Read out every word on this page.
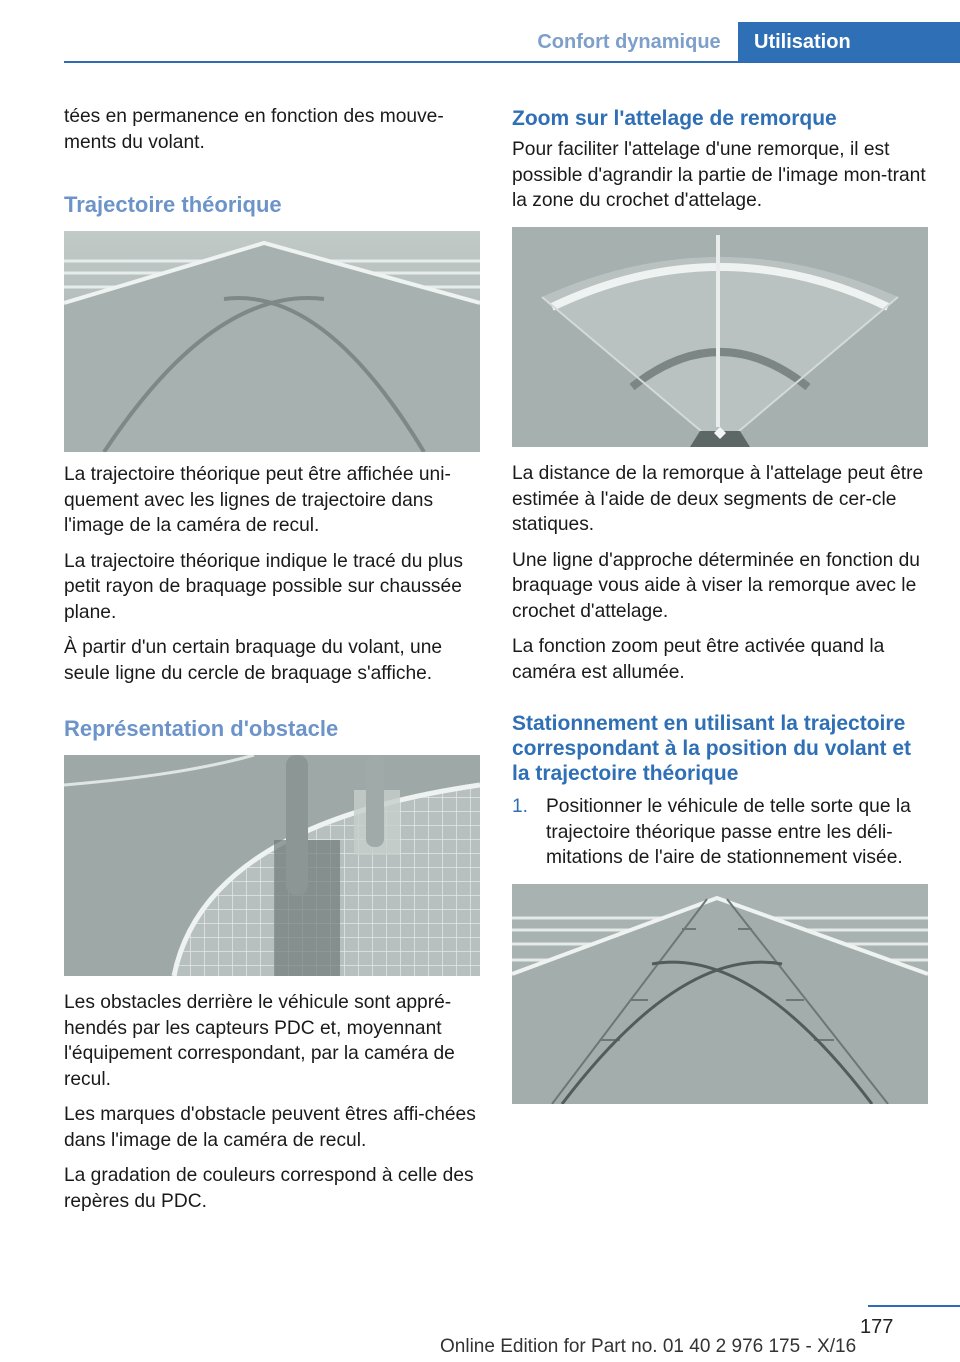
Confort dynamique	Utilisation

tées en permanence en fonction des mouve-ments du volant.

Trajectoire théorique

La trajectoire théorique peut être affichée uni-quement avec les lignes de trajectoire dans l'image de la caméra de recul.

La trajectoire théorique indique le tracé du plus petit rayon de braquage possible sur chaussée plane.

À partir d'un certain braquage du volant, une seule ligne du cercle de braquage s'affiche.

Représentation d'obstacle

Les obstacles derrière le véhicule sont appré-hendés par les capteurs PDC et, moyennant l'équipement correspondant, par la caméra de recul.

Les marques d'obstacle peuvent êtres affi-chées dans l'image de la caméra de recul.

La gradation de couleurs correspond à celle des repères du PDC.

Zoom sur l'attelage de remorque

Pour faciliter l'attelage d'une remorque, il est possible d'agrandir la partie de l'image mon-trant la zone du crochet d'attelage.

La distance de la remorque à l'attelage peut être estimée à l'aide de deux segments de cer-cle statiques.

Une ligne d'approche déterminée en fonction du braquage vous aide à viser la remorque avec le crochet d'attelage.

La fonction zoom peut être activée quand la caméra est allumée.

Stationnement en utilisant la trajectoire correspondant à la position du volant et la trajectoire théorique
1. Positionner le véhicule de telle sorte que la trajectoire théorique passe entre les déli-mitations de l'aire de stationnement visée.
177
Online Edition for Part no. 01 40 2 976 175 - X/16
